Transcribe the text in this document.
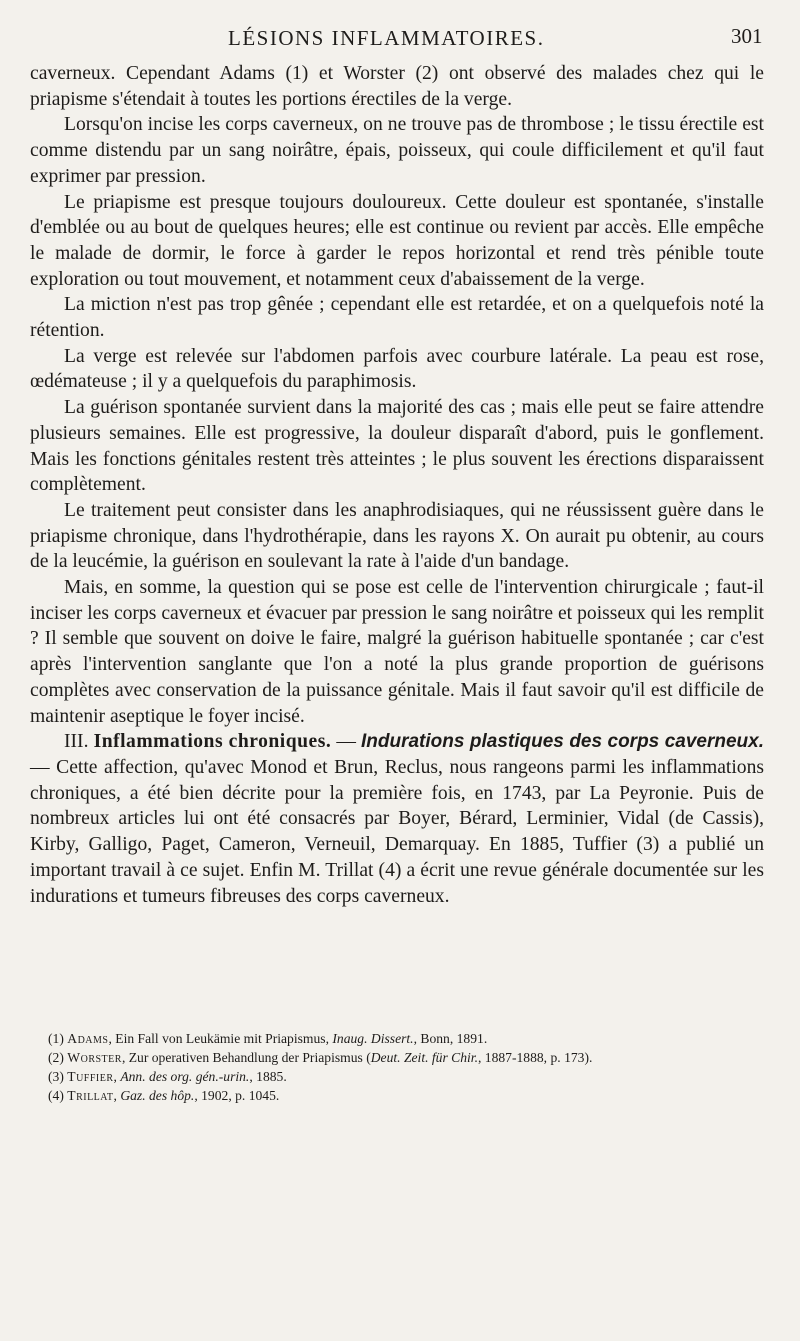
LÉSIONS INFLAMMATOIRES.	301

caverneux. Cependant Adams (1) et Worster (2) ont observé des malades chez qui le priapisme s'étendait à toutes les portions érectiles de la verge.

Lorsqu'on incise les corps caverneux, on ne trouve pas de thrombose ; le tissu érectile est comme distendu par un sang noirâtre, épais, poisseux, qui coule difficilement et qu'il faut exprimer par pression.

Le priapisme est presque toujours douloureux. Cette douleur est spontanée, s'installe d'emblée ou au bout de quelques heures; elle est continue ou revient par accès. Elle empêche le malade de dormir, le force à garder le repos horizontal et rend très pénible toute exploration ou tout mouvement, et notamment ceux d'abaissement de la verge.

La miction n'est pas trop gênée ; cependant elle est retardée, et on a quelquefois noté la rétention.

La verge est relevée sur l'abdomen parfois avec courbure latérale. La peau est rose, œdémateuse ; il y a quelquefois du paraphimosis.

La guérison spontanée survient dans la majorité des cas ; mais elle peut se faire attendre plusieurs semaines. Elle est progressive, la douleur disparaît d'abord, puis le gonflement. Mais les fonctions génitales restent très atteintes ; le plus souvent les érections disparaissent complètement.

Le traitement peut consister dans les anaphrodisiaques, qui ne réussissent guère dans le priapisme chronique, dans l'hydrothérapie, dans les rayons X. On aurait pu obtenir, au cours de la leucémie, la guérison en soulevant la rate à l'aide d'un bandage.

Mais, en somme, la question qui se pose est celle de l'intervention chirurgicale ; faut-il inciser les corps caverneux et évacuer par pression le sang noirâtre et poisseux qui les remplit ? Il semble que souvent on doive le faire, malgré la guérison habituelle spontanée ; car c'est après l'intervention sanglante que l'on a noté la plus grande proportion de guérisons complètes avec conservation de la puissance génitale. Mais il faut savoir qu'il est difficile de maintenir aseptique le foyer incisé.

III. Inflammations chroniques. — Indurations plastiques des corps caverneux. — Cette affection, qu'avec Monod et Brun, Reclus, nous rangeons parmi les inflammations chroniques, a été bien décrite pour la première fois, en 1743, par La Peyronie. Puis de nombreux articles lui ont été consacrés par Boyer, Bérard, Lerminier, Vidal (de Cassis), Kirby, Galligo, Paget, Cameron, Verneuil, Demarquay. En 1885, Tuffier (3) a publié un important travail à ce sujet. Enfin M. Trillat (4) a écrit une revue générale documentée sur les indurations et tumeurs fibreuses des corps caverneux.

(1) Adams, Ein Fall von Leukämie mit Priapismus, Inaug. Dissert., Bonn, 1891.

(2) Worster, Zur operativen Behandlung der Priapismus (Deut. Zeit. für Chir., 1887-1888, p. 173).

(3) Tuffier, Ann. des org. gén.-urin., 1885.

(4) Trillat, Gaz. des hôp., 1902, p. 1045.
